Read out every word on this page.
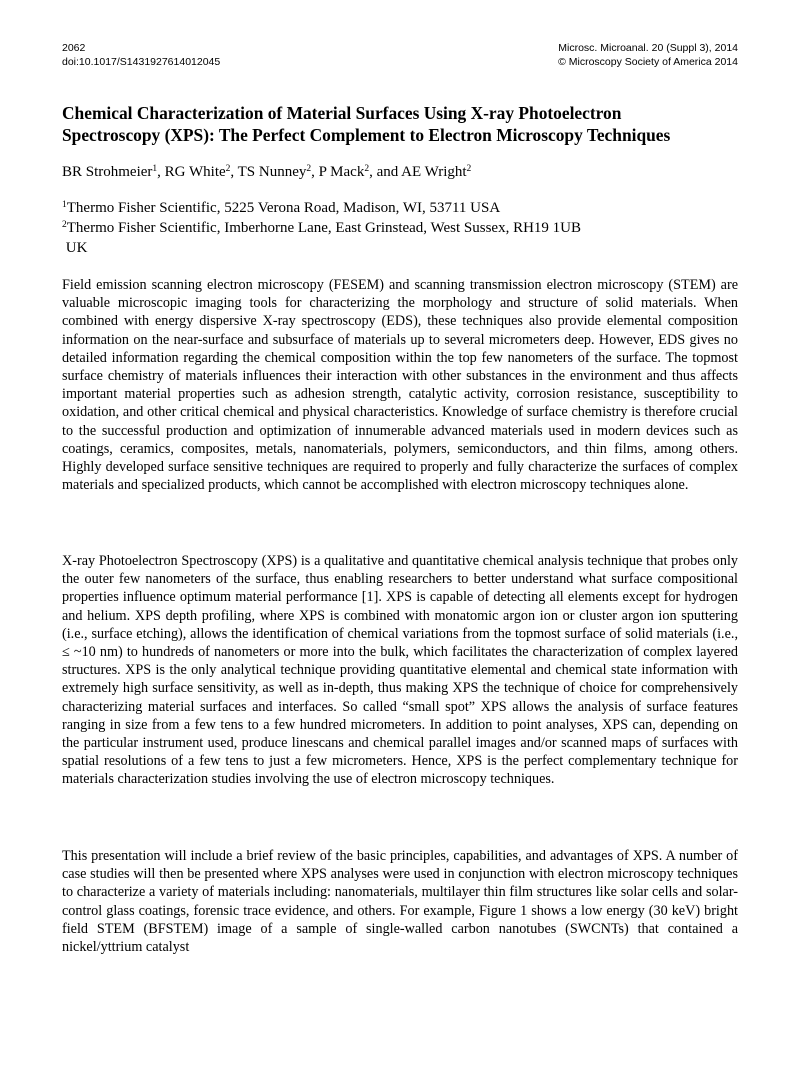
2062
doi:10.1017/S1431927614012045
Microsc. Microanal. 20 (Suppl 3), 2014
© Microscopy Society of America 2014
Chemical Characterization of Material Surfaces Using X-ray Photoelectron
Spectroscopy (XPS): The Perfect Complement to Electron Microscopy Techniques
BR Strohmeier$^1$, RG White$^2$, TS Nunney$^2$, P Mack$^2$, and AE Wright$^2$
$^1$Thermo Fisher Scientific, 5225 Verona Road, Madison, WI, 53711 USA
$^2$Thermo Fisher Scientific, Imberhorne Lane, East Grinstead, West Sussex, RH19 1UB
UK

Field emission scanning electron microscopy (FESEM) and scanning transmission electron microscopy (STEM) are valuable microscopic imaging tools for characterizing the morphology and structure of solid materials. When combined with energy dispersive X-ray spectroscopy (EDS), these techniques also provide elemental composition information on the near-surface and subsurface of materials up to several micrometers deep. However, EDS gives no detailed information regarding the chemical composition within the top few nanometers of the surface. The topmost surface chemistry of materials influences their interaction with other substances in the environment and thus affects important material properties such as adhesion strength, catalytic activity, corrosion resistance, susceptibility to oxidation, and other critical chemical and physical characteristics. Knowledge of surface chemistry is therefore crucial to the successful production and optimization of innumerable advanced materials used in modern devices such as coatings, ceramics, composites, metals, nanomaterials, polymers, semiconductors, and thin films, among others. Highly developed surface sensitive techniques are required to properly and fully characterize the surfaces of complex materials and specialized products, which cannot be accomplished with electron microscopy techniques alone.

X-ray Photoelectron Spectroscopy (XPS) is a qualitative and quantitative chemical analysis technique that probes only the outer few nanometers of the surface, thus enabling researchers to better understand what surface compositional properties influence optimum material performance [1]. XPS is capable of detecting all elements except for hydrogen and helium. XPS depth profiling, where XPS is combined with monatomic argon ion or cluster argon ion sputtering (i.e., surface etching), allows the identification of chemical variations from the topmost surface of solid materials (i.e., ≤ ~10 nm) to hundreds of nanometers or more into the bulk, which facilitates the characterization of complex layered structures. XPS is the only analytical technique providing quantitative elemental and chemical state information with extremely high surface sensitivity, as well as in-depth, thus making XPS the technique of choice for comprehensively characterizing material surfaces and interfaces. So called “small spot” XPS allows the analysis of surface features ranging in size from a few tens to a few hundred micrometers. In addition to point analyses, XPS can, depending on the particular instrument used, produce linescans and chemical parallel images and/or scanned maps of surfaces with spatial resolutions of a few tens to just a few micrometers. Hence, XPS is the perfect complementary technique for materials characterization studies involving the use of electron microscopy techniques.

This presentation will include a brief review of the basic principles, capabilities, and advantages of XPS. A number of case studies will then be presented where XPS analyses were used in conjunction with electron microscopy techniques to characterize a variety of materials including: nanomaterials, multilayer thin film structures like solar cells and solar-control glass coatings, forensic trace evidence, and others. For example, Figure 1 shows a low energy (30 keV) bright field STEM (BFSTEM) image of a sample of single-walled carbon nanotubes (SWCNTs) that contained a nickel/yttrium catalyst
